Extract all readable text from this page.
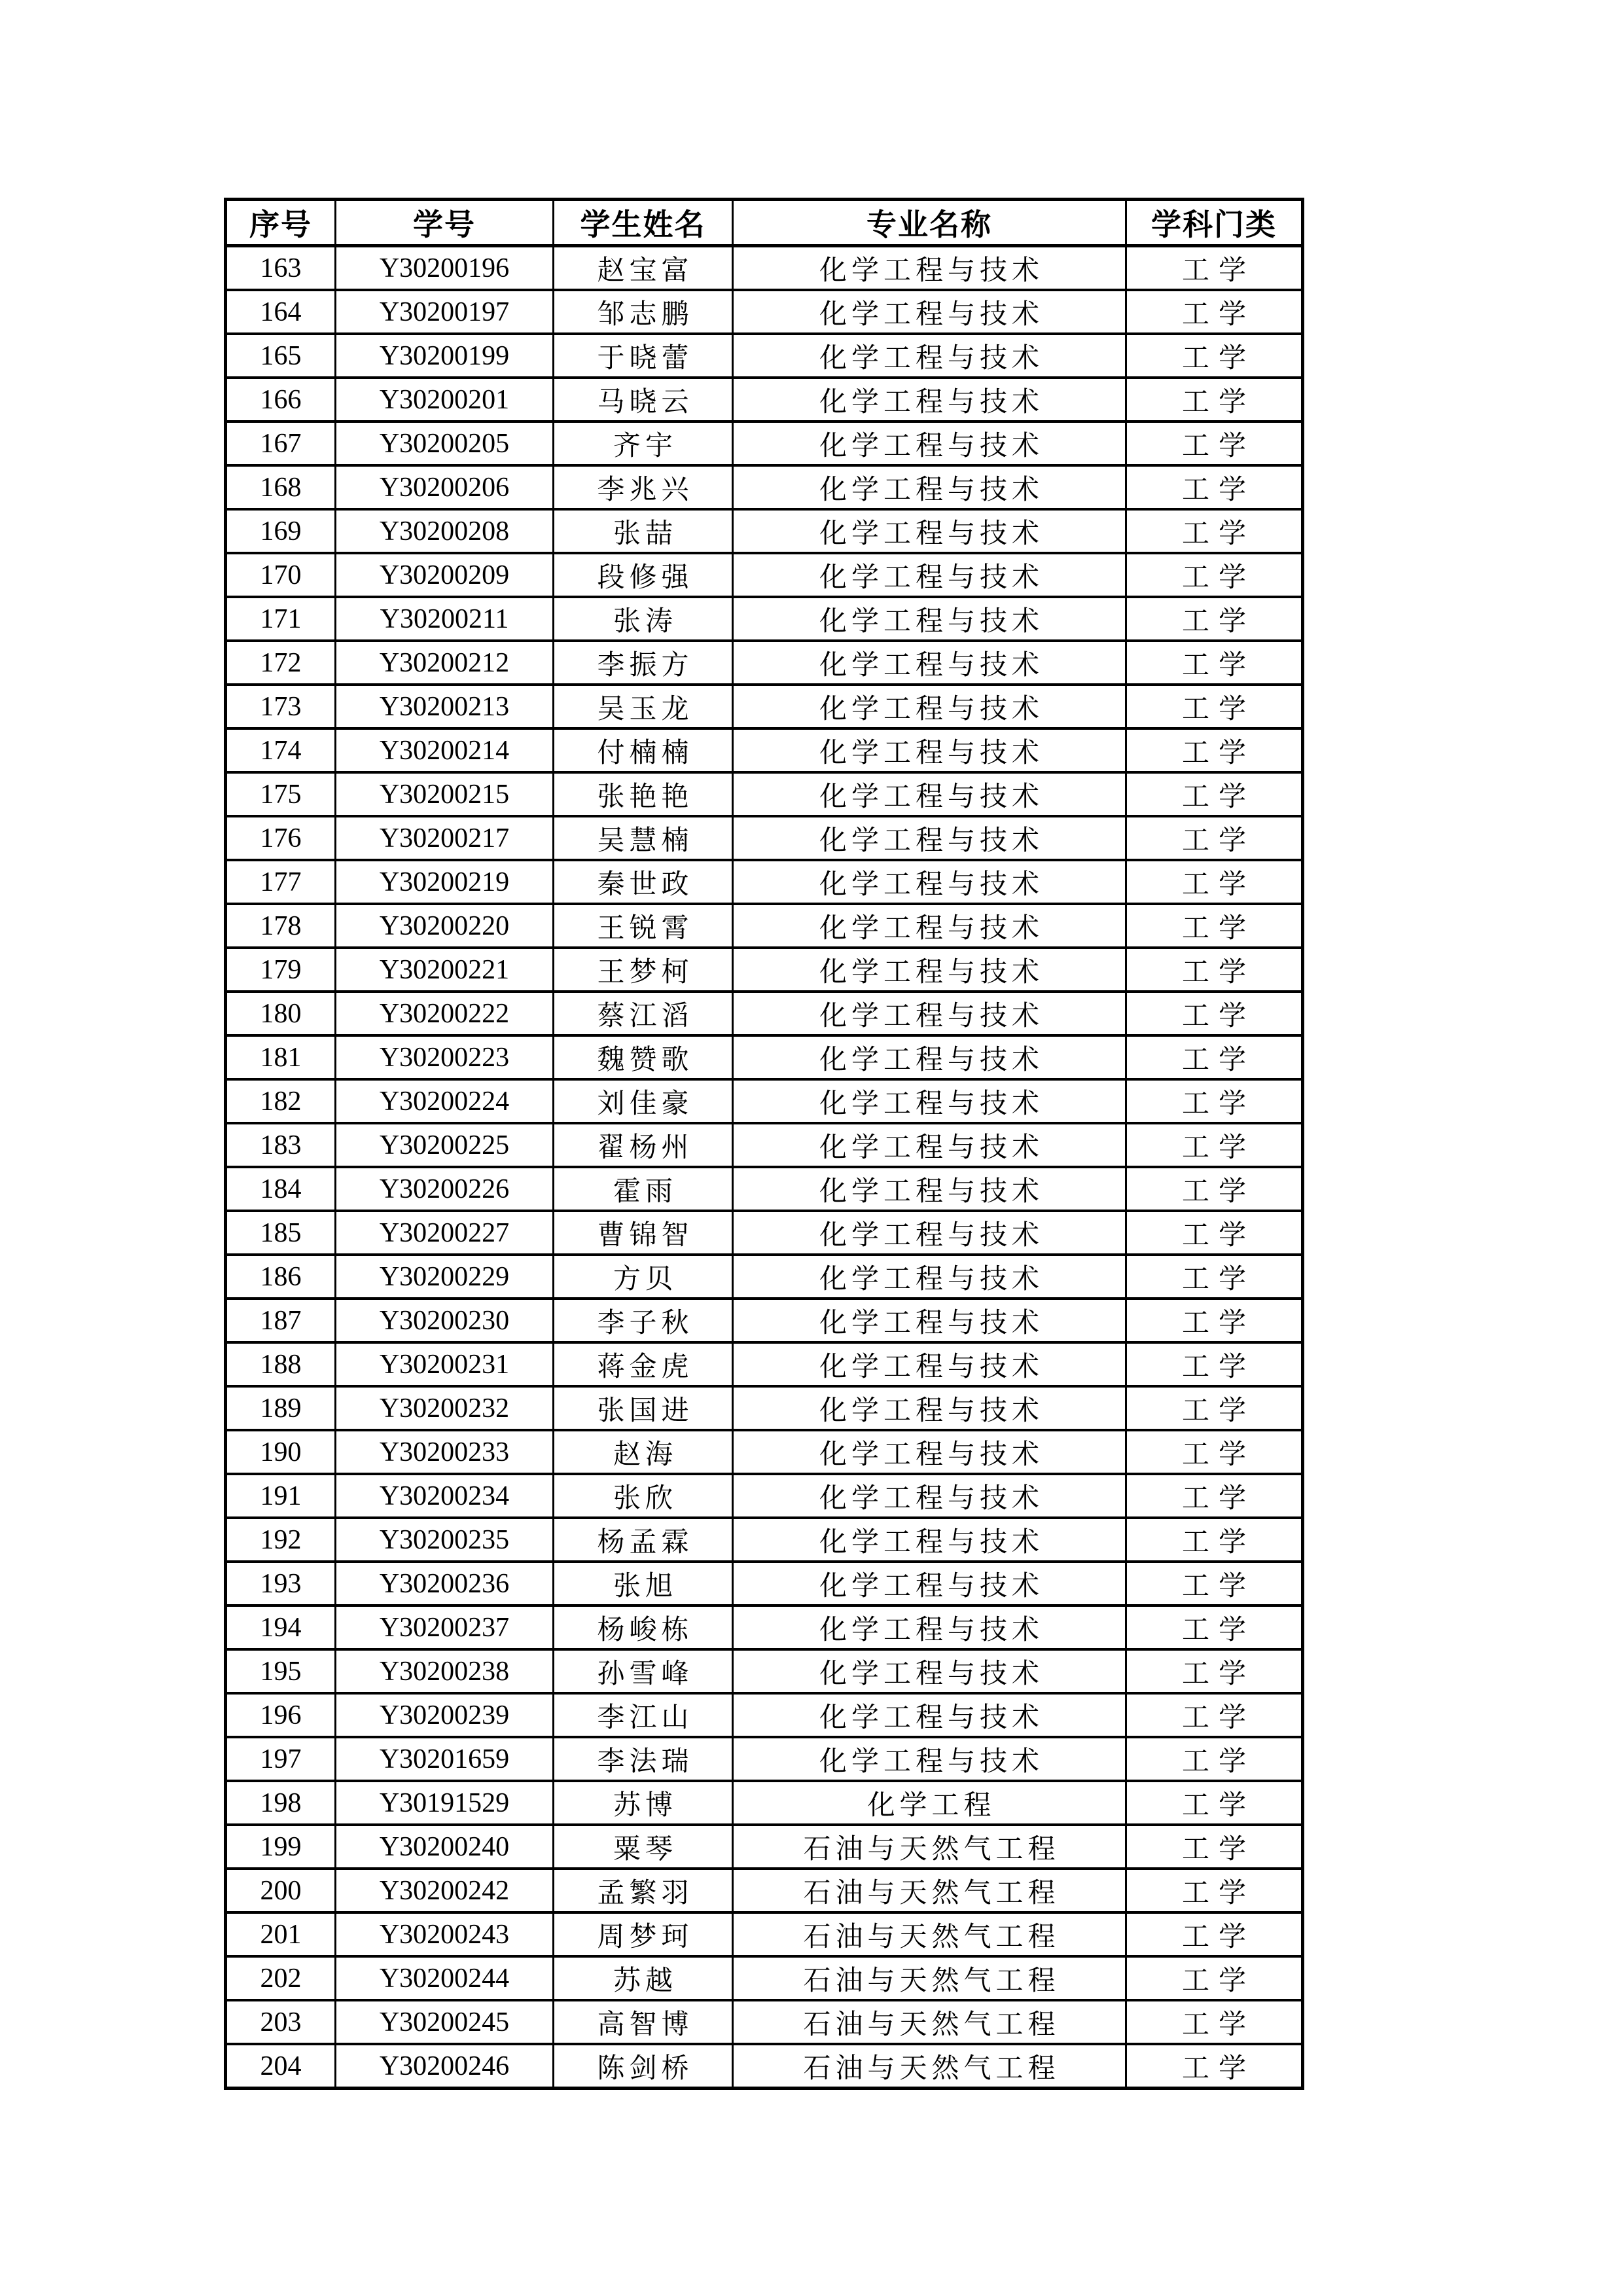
序号	学号	学生姓名	专业名称	学科门类
163	Y30200196	赵宝富	化学工程与技术	工学
164	Y30200197	邹志鹏	化学工程与技术	工学
165	Y30200199	于晓蕾	化学工程与技术	工学
166	Y30200201	马晓云	化学工程与技术	工学
167	Y30200205	齐宇	化学工程与技术	工学
168	Y30200206	李兆兴	化学工程与技术	工学
169	Y30200208	张喆	化学工程与技术	工学
170	Y30200209	段修强	化学工程与技术	工学
171	Y30200211	张涛	化学工程与技术	工学
172	Y30200212	李振方	化学工程与技术	工学
173	Y30200213	吴玉龙	化学工程与技术	工学
174	Y30200214	付楠楠	化学工程与技术	工学
175	Y30200215	张艳艳	化学工程与技术	工学
176	Y30200217	吴慧楠	化学工程与技术	工学
177	Y30200219	秦世政	化学工程与技术	工学
178	Y30200220	王锐霄	化学工程与技术	工学
179	Y30200221	王梦柯	化学工程与技术	工学
180	Y30200222	蔡江滔	化学工程与技术	工学
181	Y30200223	魏赞歌	化学工程与技术	工学
182	Y30200224	刘佳豪	化学工程与技术	工学
183	Y30200225	翟杨州	化学工程与技术	工学
184	Y30200226	霍雨	化学工程与技术	工学
185	Y30200227	曹锦智	化学工程与技术	工学
186	Y30200229	方贝	化学工程与技术	工学
187	Y30200230	李子秋	化学工程与技术	工学
188	Y30200231	蒋金虎	化学工程与技术	工学
189	Y30200232	张国进	化学工程与技术	工学
190	Y30200233	赵海	化学工程与技术	工学
191	Y30200234	张欣	化学工程与技术	工学
192	Y30200235	杨孟霖	化学工程与技术	工学
193	Y30200236	张旭	化学工程与技术	工学
194	Y30200237	杨峻栋	化学工程与技术	工学
195	Y30200238	孙雪峰	化学工程与技术	工学
196	Y30200239	李江山	化学工程与技术	工学
197	Y30201659	李法瑞	化学工程与技术	工学
198	Y30191529	苏博	化学工程	工学
199	Y30200240	粟琴	石油与天然气工程	工学
200	Y30200242	孟繁羽	石油与天然气工程	工学
201	Y30200243	周梦珂	石油与天然气工程	工学
202	Y30200244	苏越	石油与天然气工程	工学
203	Y30200245	高智博	石油与天然气工程	工学
204	Y30200246	陈剑桥	石油与天然气工程	工学
